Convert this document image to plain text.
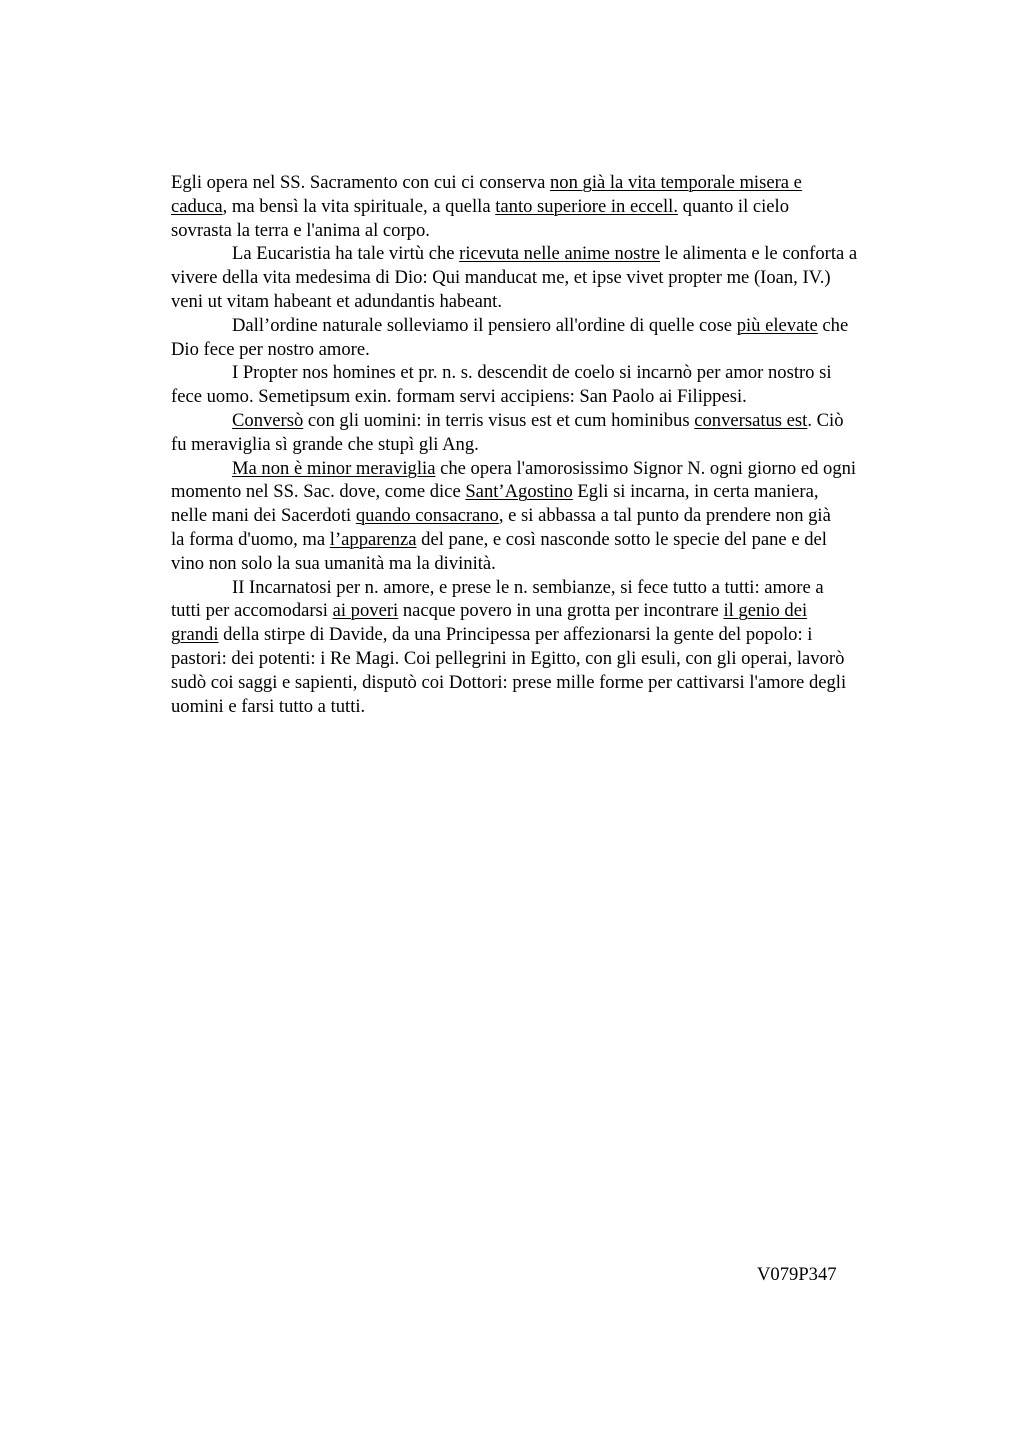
Egli opera nel SS. Sacramento con cui ci conserva non già la vita temporale misera e
caduca, ma bensì la vita spirituale, a quella tanto superiore in eccell. quanto il cielo
sovrasta la terra e l'anima al corpo.
La Eucaristia ha tale virtù che ricevuta nelle anime nostre le alimenta e le conforta a
vivere della vita medesima di Dio: Qui manducat me, et ipse vivet propter me (Ioan, IV.)
veni ut vitam habeant et adundantis habeant.
Dall’ordine naturale solleviamo il pensiero all'ordine di quelle cose più elevate che
Dio fece per nostro amore.
I Propter nos homines et pr. n. s. descendit de coelo si incarnò per amor nostro si
fece uomo. Semetipsum exin. formam servi accipiens: San Paolo ai Filippesi.
Conversò con gli uomini: in terris visus est et cum hominibus conversatus est. Ciò
fu meraviglia sì grande che stupì gli Ang.
Ma non è minor meraviglia che opera l'amorosissimo Signor N. ogni giorno ed ogni
momento nel SS. Sac. dove, come dice Sant’Agostino Egli si incarna, in certa maniera,
nelle mani dei Sacerdoti quando consacrano, e si abbassa a tal punto da prendere non già
la forma d'uomo, ma l’apparenza del pane, e così nasconde sotto le specie del pane e del
vino non solo la sua umanità ma la divinità.
II Incarnatosi per n. amore, e prese le n. sembianze, si fece tutto a tutti: amore a
tutti per accomodarsi ai poveri nacque povero in una grotta per incontrare il genio dei
grandi della stirpe di Davide, da una Principessa per affezionarsi la gente del popolo: i
pastori: dei potenti: i Re Magi. Coi pellegrini in Egitto, con gli esuli, con gli operai, lavorò
sudò coi saggi e sapienti, disputò coi Dottori: prese mille forme per cattivarsi l'amore degli
uomini e farsi tutto a tutti.
V079P347
